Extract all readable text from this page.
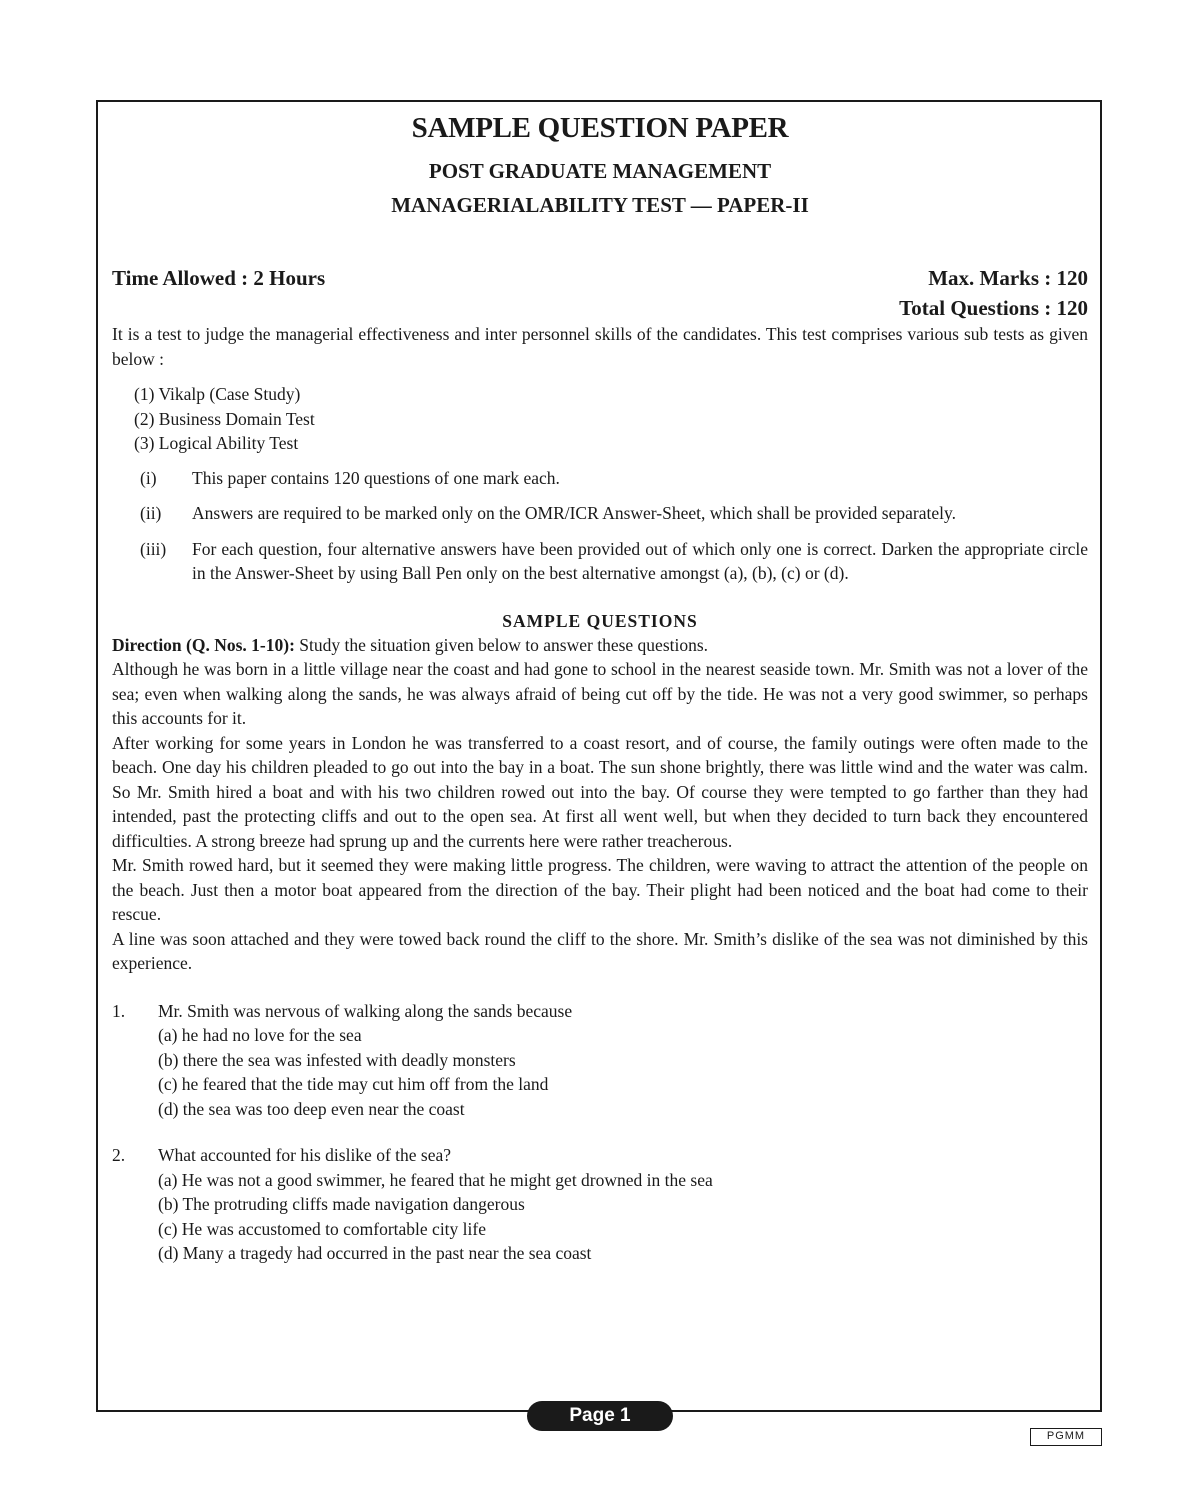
SAMPLE QUESTION PAPER
POST GRADUATE MANAGEMENT
MANAGERIALABILITY TEST — PAPER-II
Time Allowed : 2 Hours	Max. Marks : 120
Total Questions : 120

It is a test to judge the managerial effectiveness and inter personnel skills of the candidates. This test comprises various sub tests as given below :

(1) Vikalp (Case Study)
(2) Business Domain Test
(3) Logical Ability Test
(i)	This paper contains 120 questions of one mark each.
(ii)	Answers are required to be marked only on the OMR/ICR Answer-Sheet, which shall be provided separately.
(iii)	For each question, four alternative answers have been provided out of which only one is correct. Darken the appropriate circle in the Answer-Sheet by using Ball Pen only on the best alternative amongst (a), (b), (c) or (d).
SAMPLE QUESTIONS

Direction (Q. Nos. 1-10): Study the situation given below to answer these questions.

Although he was born in a little village near the coast and had gone to school in the nearest seaside town. Mr. Smith was not a lover of the sea; even when walking along the sands, he was always afraid of being cut off by the tide. He was not a very good swimmer, so perhaps this accounts for it.

After working for some years in London he was transferred to a coast resort, and of course, the family outings were often made to the beach. One day his children pleaded to go out into the bay in a boat. The sun shone brightly, there was little wind and the water was calm. So Mr. Smith hired a boat and with his two children rowed out into the bay. Of course they were tempted to go farther than they had intended, past the protecting cliffs and out to the open sea. At first all went well, but when they decided to turn back they encountered difficulties. A strong breeze had sprung up and the currents here were rather treacherous.

Mr. Smith rowed hard, but it seemed they were making little progress. The children, were waving to attract the attention of the people on the beach. Just then a motor boat appeared from the direction of the bay. Their plight had been noticed and the boat had come to their rescue.

A line was soon attached and they were towed back round the cliff to the shore. Mr. Smith’s dislike of the sea was not diminished by this experience.

1.	Mr. Smith was nervous of walking along the sands because
(a) he had no love for the sea
(b) there the sea was infested with deadly monsters
(c) he feared that the tide may cut him off from the land
(d) the sea was too deep even near the coast
2.	What accounted for his dislike of the sea?
(a) He was not a good swimmer, he feared that he might get drowned in the sea
(b) The protruding cliffs made navigation dangerous
(c) He was accustomed to comfortable city life
(d) Many a tragedy had occurred in the past near the sea coast
Page 1
PGMM
